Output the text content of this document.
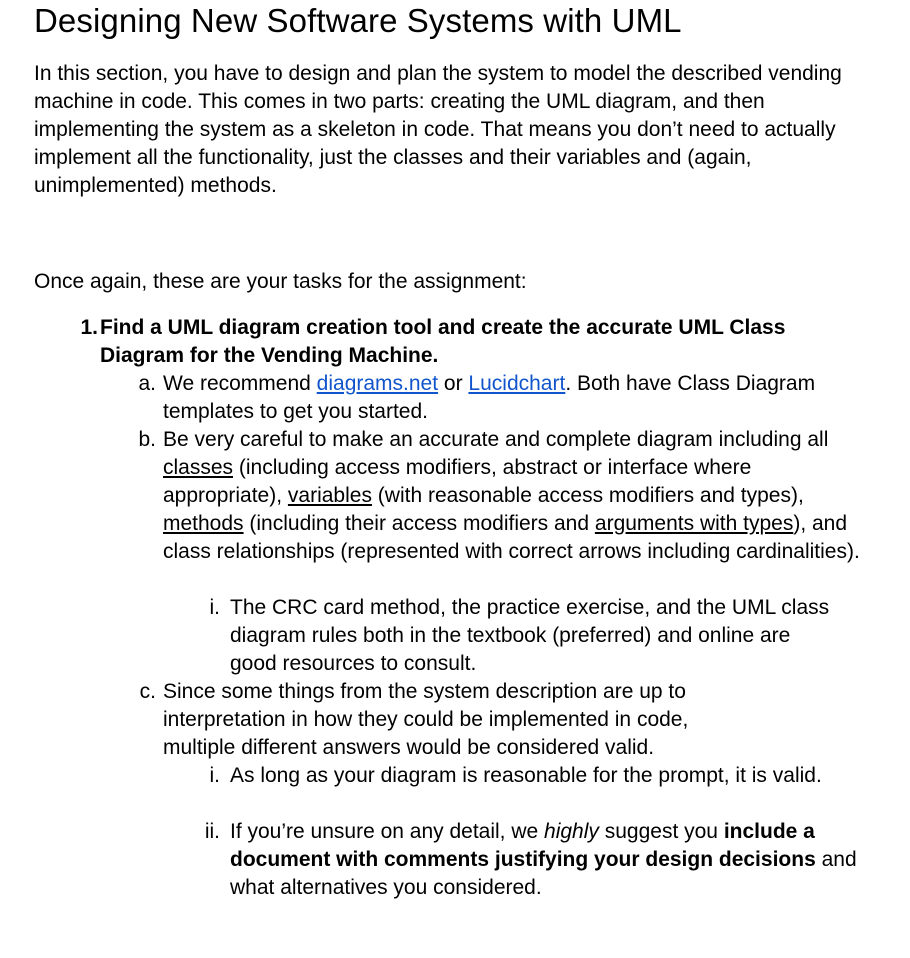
Designing New Software Systems with UML

In this section, you have to design and plan the system to model the described vending machine in code. This comes in two parts: creating the UML diagram, and then implementing the system as a skeleton in code. That means you don’t need to actually implement all the functionality, just the classes and their variables and (again, unimplemented) methods.

Once again, these are your tasks for the assignment:

1. Find a UML diagram creation tool and create the accurate UML Class Diagram for the Vending Machine.
a. We recommend diagrams.net or Lucidchart. Both have Class Diagram templates to get you started.
b. Be very careful to make an accurate and complete diagram including all classes (including access modifiers, abstract or interface where appropriate), variables (with reasonable access modifiers and types), methods (including their access modifiers and arguments with types), and class relationships (represented with correct arrows including cardinalities).
i. The CRC card method, the practice exercise, and the UML class diagram rules both in the textbook (preferred) and online are good resources to consult.
c. Since some things from the system description are up to interpretation in how they could be implemented in code, multiple different answers would be considered valid.
i. As long as your diagram is reasonable for the prompt, it is valid.
ii. If you’re unsure on any detail, we highly suggest you include a document with comments justifying your design decisions and what alternatives you considered.
